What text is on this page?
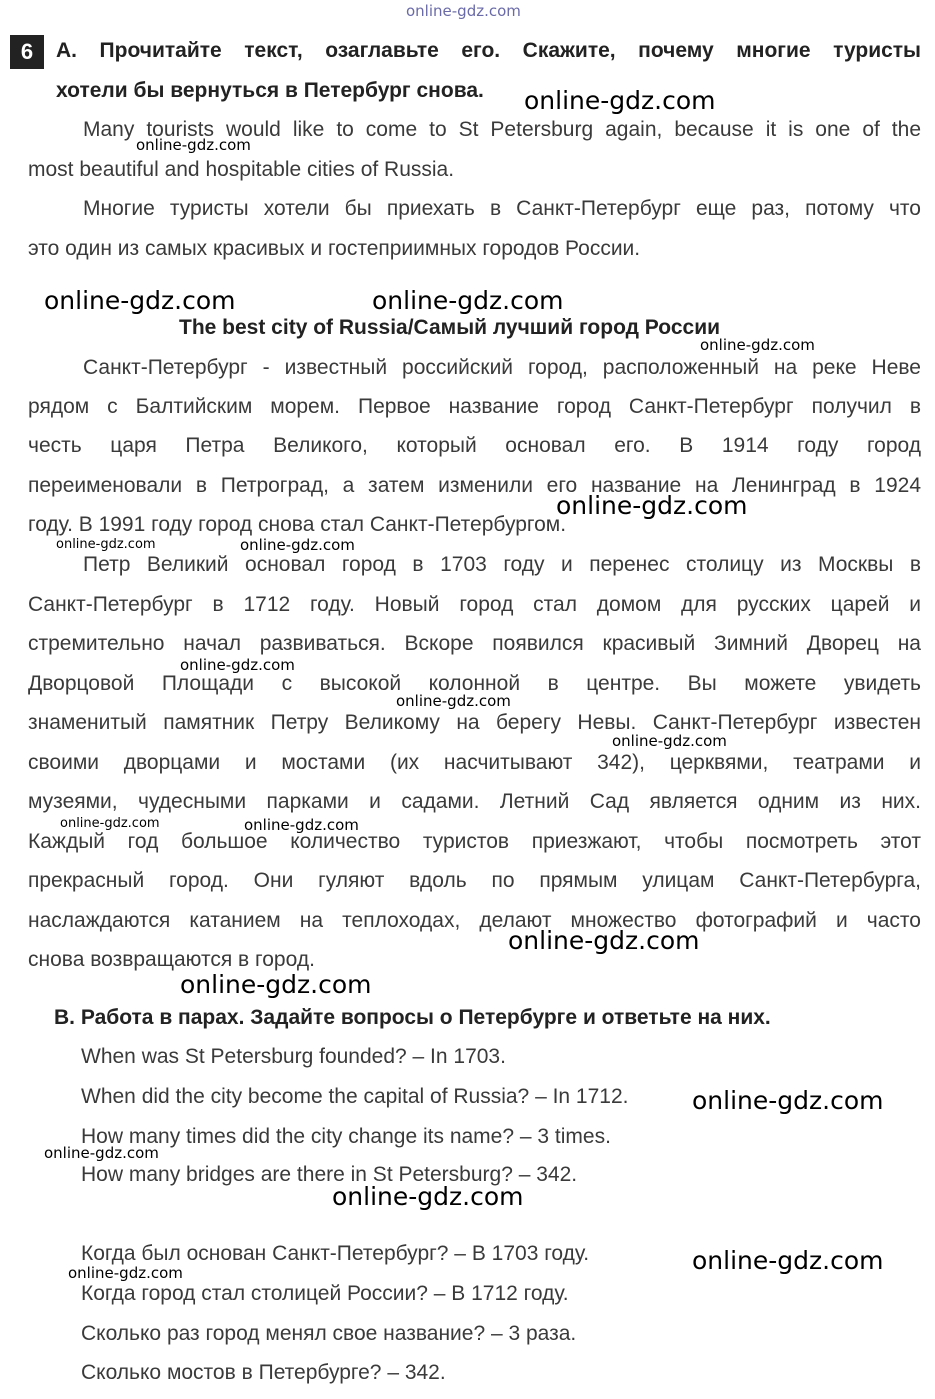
online-gdz.com
6	A. Прочитайте текст, озаглавьте его. Скажите, почему многие туристы
хотели бы вернуться в Петербург снова.
Many tourists would like to come to St Petersburg again, because it is one of the
most beautiful and hospitable cities of Russia.
Многие туристы хотели бы приехать в Санкт-Петербург еще раз, потому что
это один из самых красивых и гостеприимных городов России.
The best city of Russia/Самый лучший город России
Санкт-Петербург - известный российский город, расположенный на реке Неве
рядом с Балтийским морем. Первое название город Санкт-Петербург получил в
честь царя Петра Великого, который основал его. В 1914 году город
переименовали в Петроград, а затем изменили его название на Ленинград в 1924
году. В 1991 году город снова стал Санкт-Петербургом.
Петр Великий основал город в 1703 году и перенес столицу из Москвы в
Санкт-Петербург в 1712 году. Новый город стал домом для русских царей и
стремительно начал развиваться. Вскоре появился красивый Зимний Дворец на
Дворцовой Площади с высокой колонной в центре. Вы можете увидеть
знаменитый памятник Петру Великому на берегу Невы. Санкт-Петербург известен
своими дворцами и мостами (их насчитывают 342), церквями, театрами и
музеями, чудесными парками и садами. Летний Сад является одним из них.
Каждый год большое количество туристов приезжают, чтобы посмотреть этот
прекрасный город. Они гуляют вдоль по прямым улицам Санкт-Петербурга,
наслаждаются катанием на теплоходах, делают множество фотографий и часто
снова возвращаются в город.
B. Работа в парах. Задайте вопросы о Петербурге и ответьте на них.
When was St Petersburg founded? – In 1703.
When did the city become the capital of Russia? – In 1712.
How many times did the city change its name? – 3 times.
How many bridges are there in St Petersburg? – 342.
Когда был основан Санкт-Петербург? – В 1703 году.
Когда город стал столицей России? – В 1712 году.
Сколько раз город менял свое название? – 3 раза.
Сколько мостов в Петербурге? – 342.
online-gdz.com
online-gdz.com
online-gdz.com	online-gdz.com
online-gdz.com
online-gdz.com
online-gdz.com	online-gdz.com
online-gdz.com
online-gdz.com
online-gdz.com
online-gdz.com	online-gdz.com
online-gdz.com
online-gdz.com
online-gdz.com
online-gdz.com
online-gdz.com
online-gdz.com
online-gdz.com
